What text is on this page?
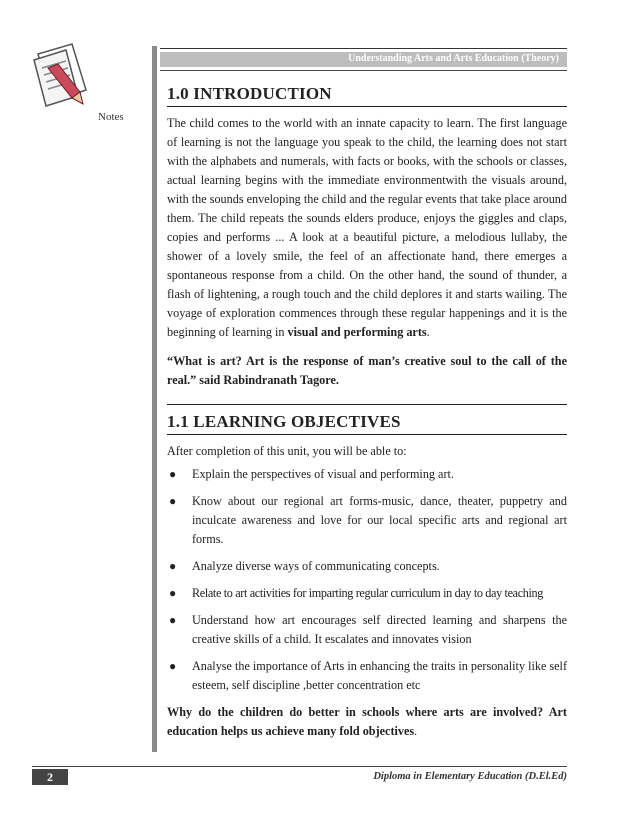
Notes
Understanding Arts and Arts Education (Theory)
1.0 INTRODUCTION

The child comes to the world with an innate capacity to learn. The first language of learning is not the language you speak to the child, the learning does not start with the alphabets and numerals, with facts or books, with the schools or classes, actual learning begins with the immediate environmentwith the visuals around, with the sounds enveloping the child and the regular events that take place around them. The child repeats the sounds elders produce, enjoys the giggles and claps, copies and performs ... A look at a beautiful picture, a melodious lullaby, the shower of a lovely smile, the feel of an affectionate hand, there emerges a spontaneous response from a child. On the other hand, the sound of thunder, a flash of lightening, a rough touch and the child deplores it and starts wailing. The voyage of exploration commences through these regular happenings and it is the beginning of learning in visual and performing arts.

“What is art? Art is the response of man’s creative soul to the call of the real.” said Rabindranath Tagore.

1.1 LEARNING OBJECTIVES

After completion of this unit, you will be able to:

● Explain the perspectives of visual and performing art.
● Know about our regional art forms-music, dance, theater, puppetry and inculcate awareness and love for our local specific arts and regional art forms.
● Analyze diverse ways of communicating concepts.
● Relate to art activities for imparting regular curriculum in day to day teaching
● Understand how art encourages self directed learning and sharpens the creative skills of a child. It escalates and innovates vision
● Analyse the importance of Arts in enhancing the traits in personality like self esteem, self discipline ,better concentration etc

Why do the children do better in schools where arts are involved? Art education helps us achieve many fold objectives.

2	Diploma in Elementary Education (D.El.Ed)
